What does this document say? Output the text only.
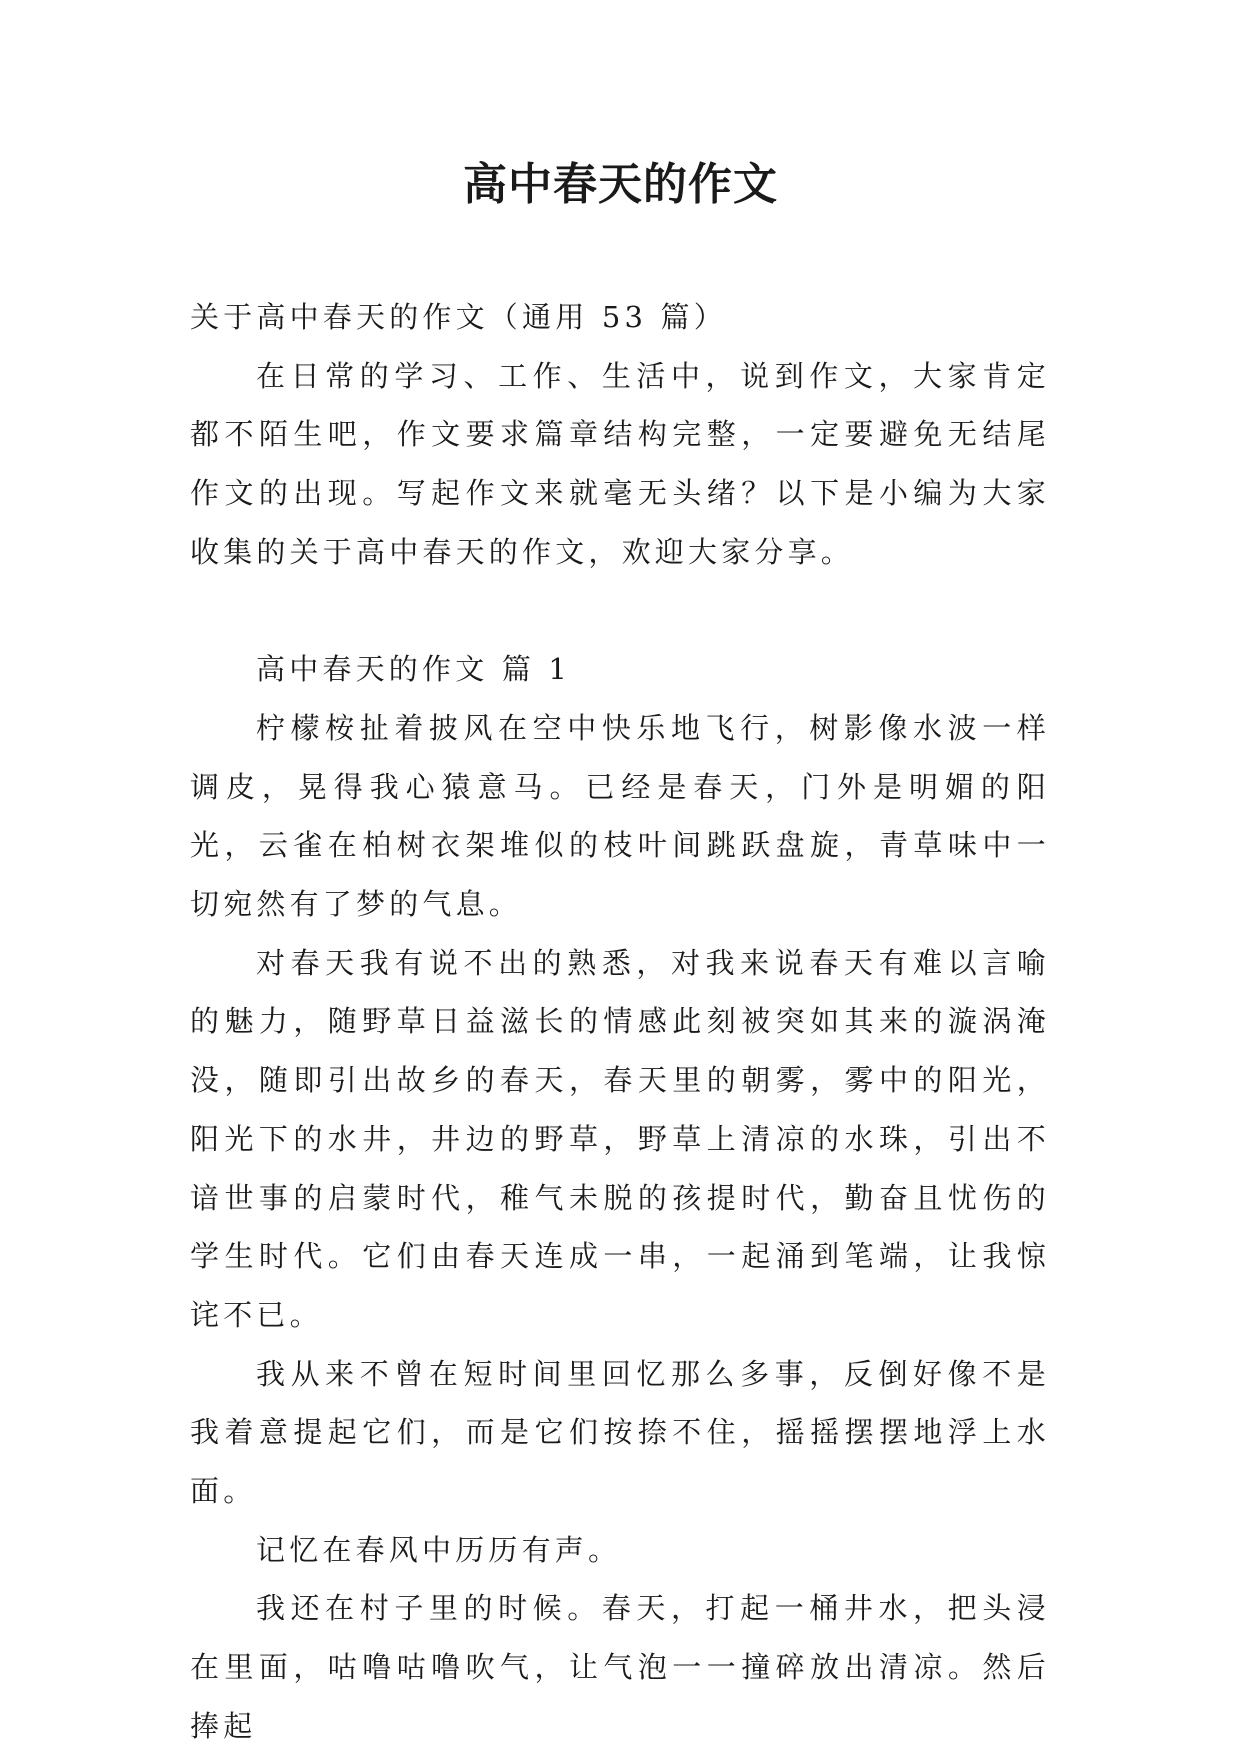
高中春天的作文

关于高中春天的作文（通用 53 篇）

在日常的学习、工作、生活中，说到作文，大家肯定都不陌生吧，作文要求篇章结构完整，一定要避免无结尾作文的出现。写起作文来就毫无头绪？以下是小编为大家收集的关于高中春天的作文，欢迎大家分享。

高中春天的作文 篇 1

柠檬桉扯着披风在空中快乐地飞行，树影像水波一样调皮，晃得我心猿意马。已经是春天，门外是明媚的阳光，云雀在柏树衣架堆似的枝叶间跳跃盘旋，青草味中一切宛然有了梦的气息。

对春天我有说不出的熟悉，对我来说春天有难以言喻的魅力，随野草日益滋长的情感此刻被突如其来的漩涡淹没，随即引出故乡的春天，春天里的朝雾，雾中的阳光，阳光下的水井，井边的野草，野草上清凉的水珠，引出不谙世事的启蒙时代，稚气未脱的孩提时代，勤奋且忧伤的学生时代。它们由春天连成一串，一起涌到笔端，让我惊诧不已。

我从来不曾在短时间里回忆那么多事，反倒好像不是我着意提起它们，而是它们按捺不住，摇摇摆摆地浮上水面。

记忆在春风中历历有声。

我还在村子里的时候。春天，打起一桶井水，把头浸在里面，咕噜咕噜吹气，让气泡一一撞碎放出清凉。然后捧起
